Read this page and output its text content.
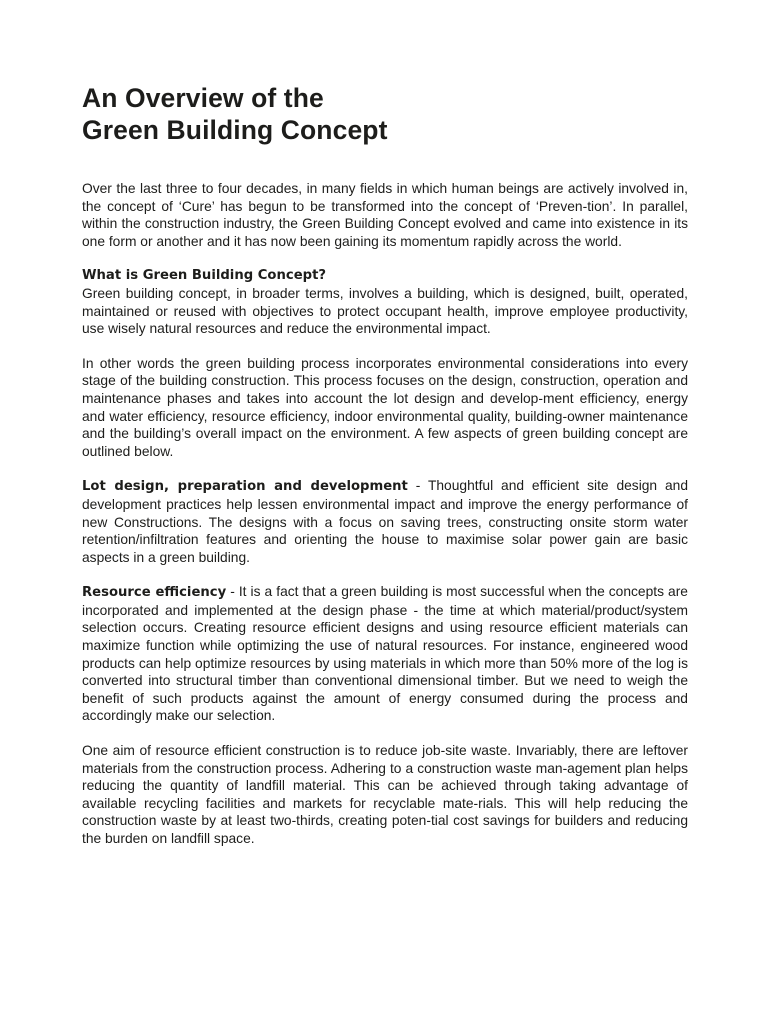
An Overview of the
Green Building Concept

Over the last three to four decades, in many fields in which human beings are actively involved in, the concept of ‘Cure’ has begun to be transformed into the concept of ‘Preven-tion’. In parallel, within the construction industry, the Green Building Concept evolved and came into existence in its one form or another and it has now been gaining its momentum rapidly across the world.

What is Green Building Concept?

Green building concept, in broader terms, involves a building, which is designed, built, operated, maintained or reused with objectives to protect occupant health, improve employee productivity, use wisely natural resources and reduce the environmental impact.

In other words the green building process incorporates environmental considerations into every stage of the building construction. This process focuses on the design, construction, operation and maintenance phases and takes into account the lot design and develop-ment efficiency, energy and water efficiency, resource efficiency, indoor environmental quality, building-owner maintenance and the building’s overall impact on the environment. A few aspects of green building concept are outlined below.

Lot design, preparation and development - Thoughtful and efficient site design and development practices help lessen environmental impact and improve the energy performance of new Constructions. The designs with a focus on saving trees, constructing onsite storm water retention/infiltration features and orienting the house to maximise solar power gain are basic aspects in a green building.

Resource efficiency - It is a fact that a green building is most successful when the concepts are incorporated and implemented at the design phase - the time at which material/product/system selection occurs. Creating resource efficient designs and using resource efficient materials can maximize function while optimizing the use of natural resources. For instance, engineered wood products can help optimize resources by using materials in which more than 50% more of the log is converted into structural timber than conventional dimensional timber. But we need to weigh the benefit of such products against the amount of energy consumed during the process and accordingly make our selection.

One aim of resource efficient construction is to reduce job-site waste. Invariably, there are leftover materials from the construction process. Adhering to a construction waste man-agement plan helps reducing the quantity of landfill material. This can be achieved through taking advantage of available recycling facilities and markets for recyclable mate-rials. This will help reducing the construction waste by at least two-thirds, creating poten-tial cost savings for builders and reducing the burden on landfill space.
